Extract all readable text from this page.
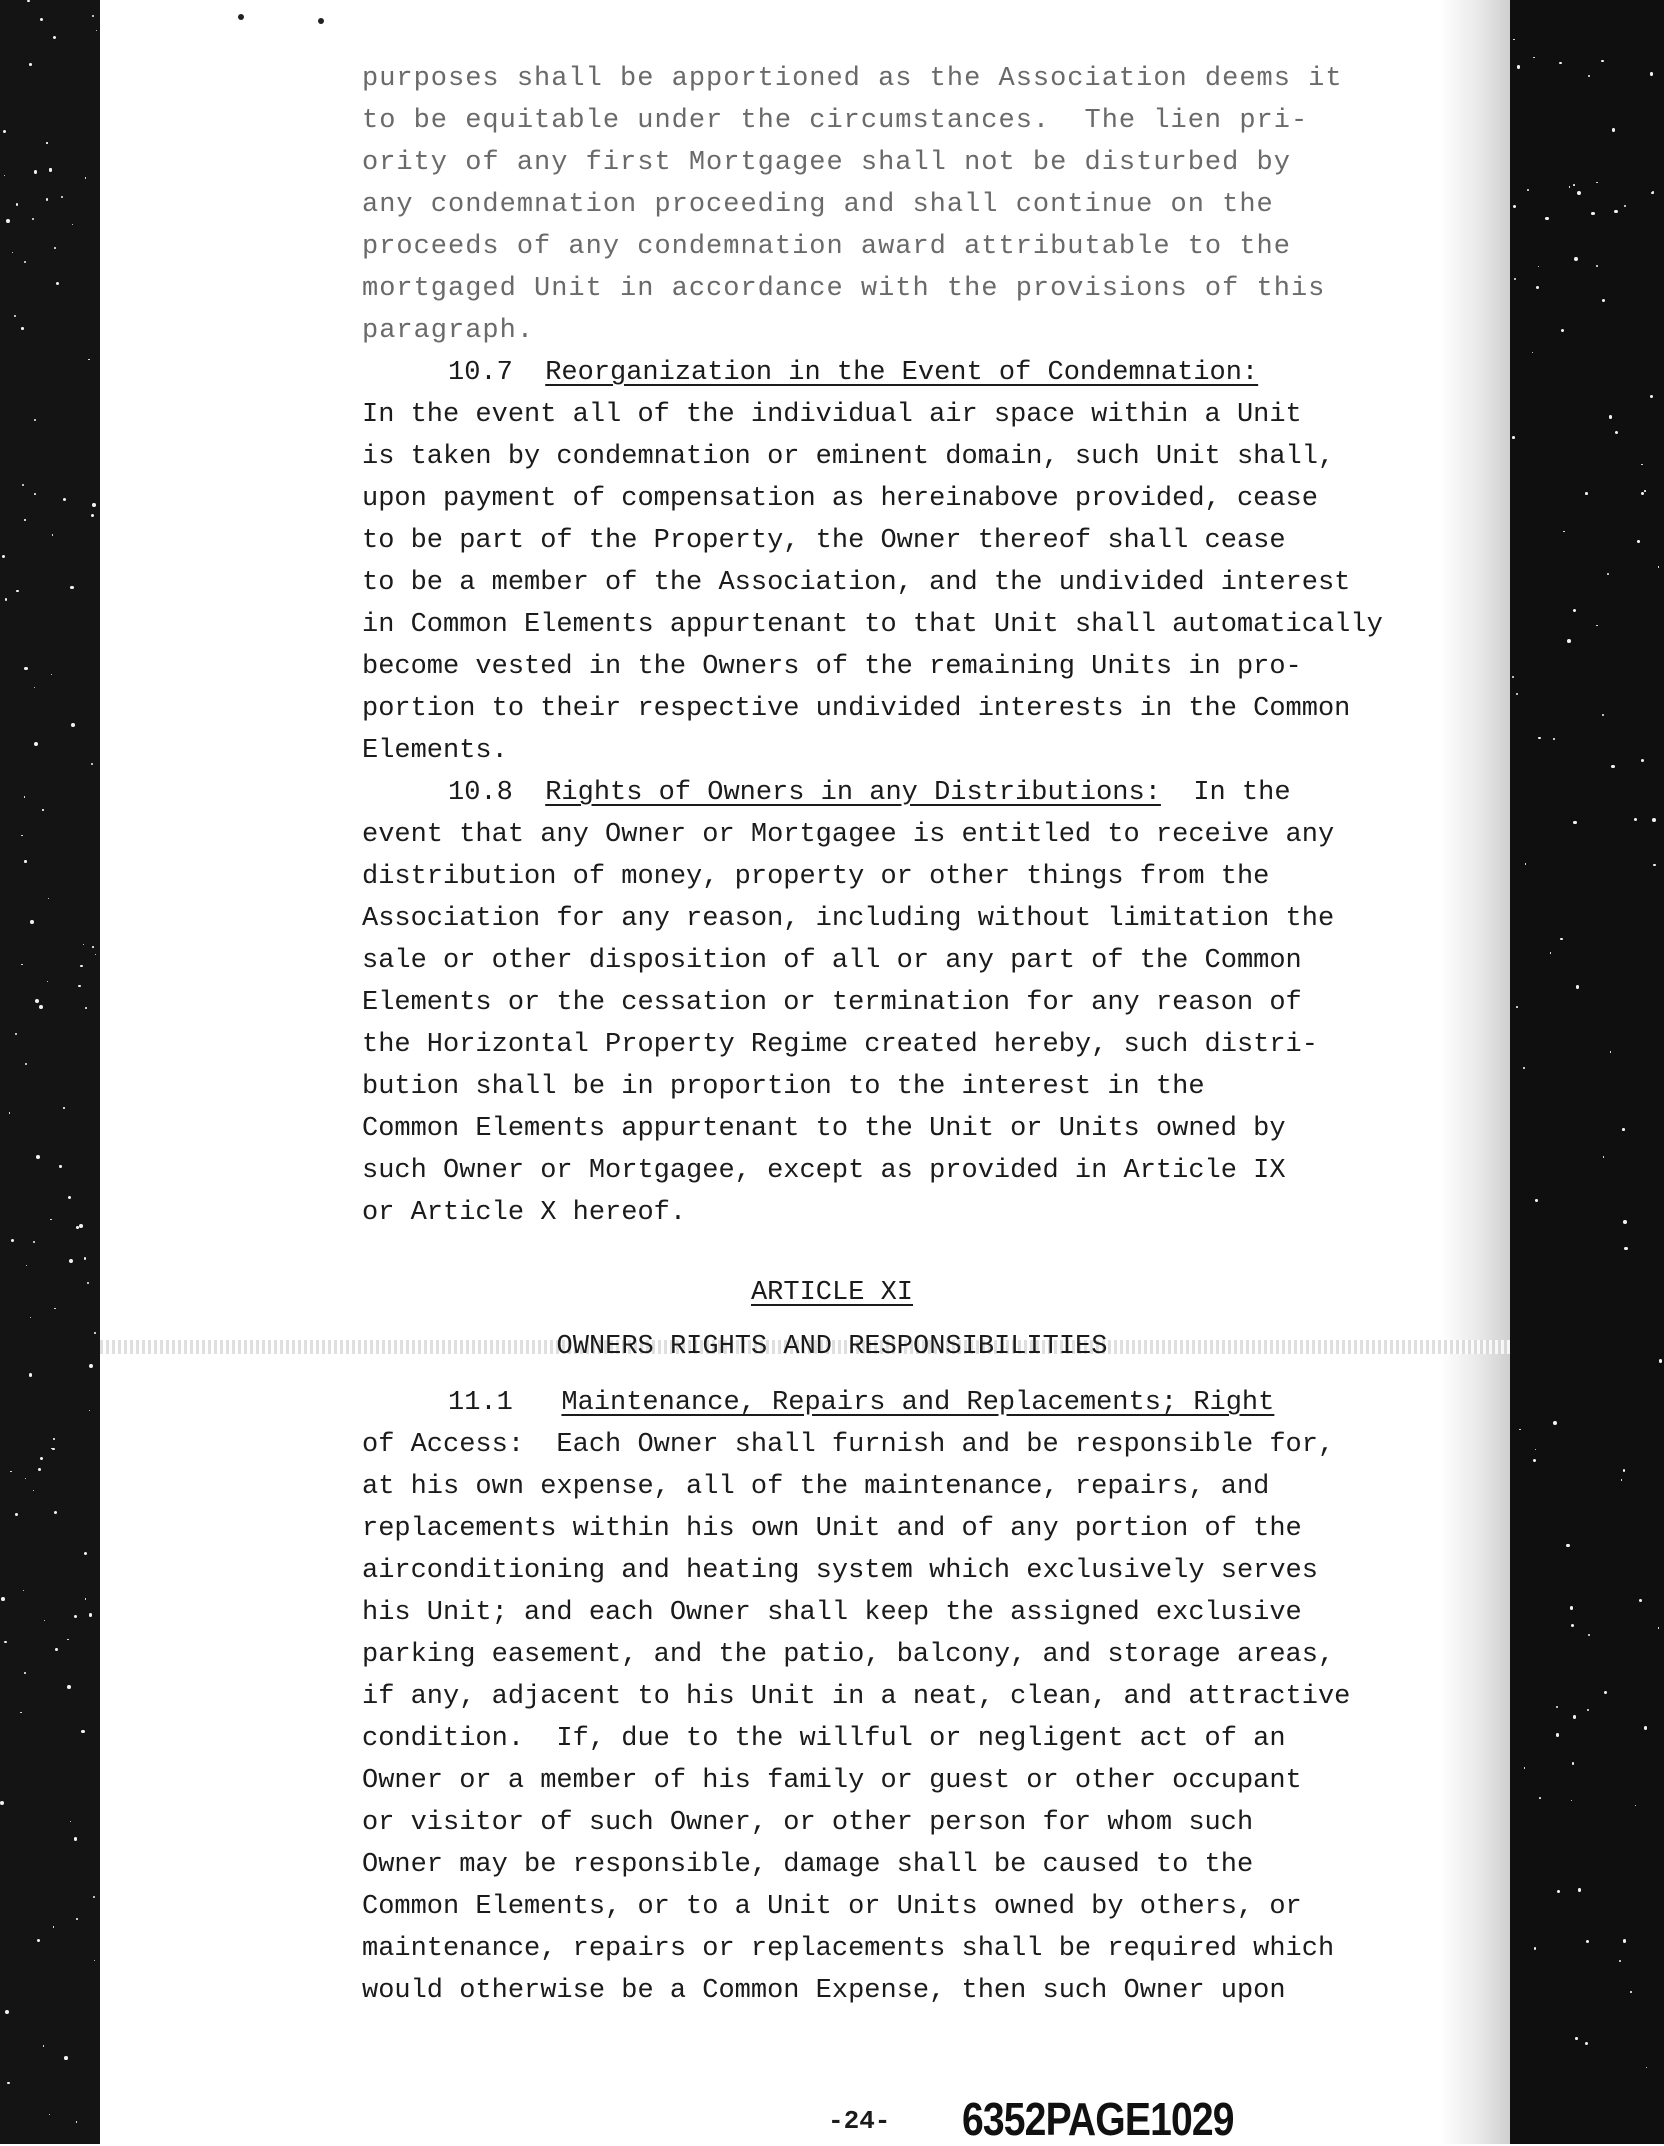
purposes shall be apportioned as the Association deems it
to be equitable under the circumstances.  The lien pri-
ority of any first Mortgagee shall not be disturbed by
any condemnation proceeding and shall continue on the
proceeds of any condemnation award attributable to the
mortgaged Unit in accordance with the provisions of this
paragraph.
10.7 Reorganization in the Event of Condemnation:
In the event all of the individual air space within a Unit
is taken by condemnation or eminent domain, such Unit shall,
upon payment of compensation as hereinabove provided, cease
to be part of the Property, the Owner thereof shall cease
to be a member of the Association, and the undivided interest
in Common Elements appurtenant to that Unit shall automatically
become vested in the Owners of the remaining Units in pro-
portion to their respective undivided interests in the Common
Elements.
10.8 Rights of Owners in any Distributions: In the
event that any Owner or Mortgagee is entitled to receive any
distribution of money, property or other things from the
Association for any reason, including without limitation the
sale or other disposition of all or any part of the Common
Elements or the cessation or termination for any reason of
the Horizontal Property Regime created hereby, such distri-
bution shall be in proportion to the interest in the
Common Elements appurtenant to the Unit or Units owned by
such Owner or Mortgagee, except as provided in Article IX
or Article X hereof.
ARTICLE XI
OWNERS RIGHTS AND RESPONSIBILITIES
11.1 Maintenance, Repairs and Replacements; Right
of Access:  Each Owner shall furnish and be responsible for,
at his own expense, all of the maintenance, repairs, and
replacements within his own Unit and of any portion of the
airconditioning and heating system which exclusively serves
his Unit; and each Owner shall keep the assigned exclusive
parking easement, and the patio, balcony, and storage areas,
if any, adjacent to his Unit in a neat, clean, and attractive
condition.  If, due to the willful or negligent act of an
Owner or a member of his family or guest or other occupant
or visitor of such Owner, or other person for whom such
Owner may be responsible, damage shall be caused to the
Common Elements, or to a Unit or Units owned by others, or
maintenance, repairs or replacements shall be required which
would otherwise be a Common Expense, then such Owner upon
-24- 6352PAGE1029
